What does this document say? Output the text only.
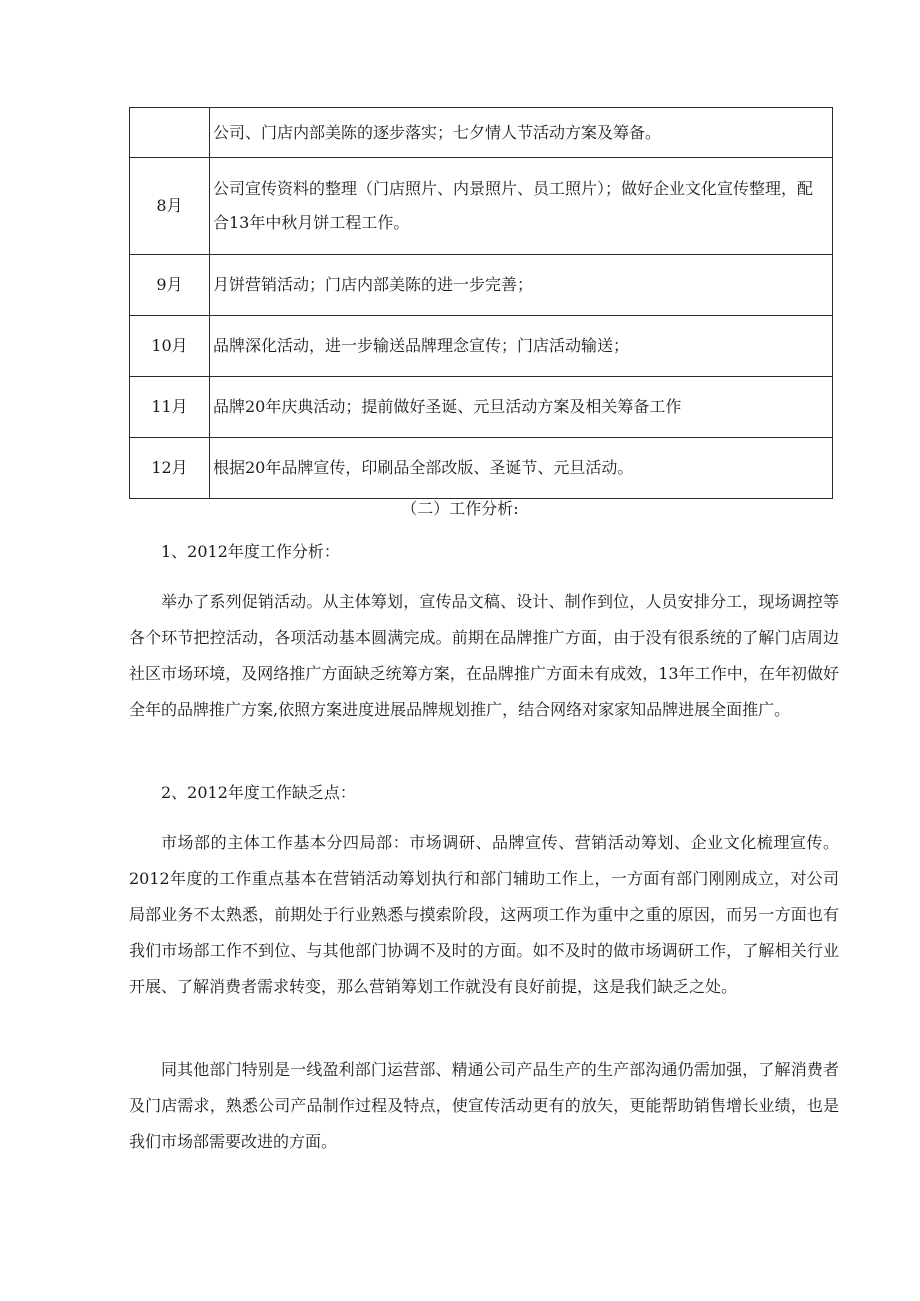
	公司、门店内部美陈的逐步落实；七夕情人节活动方案及筹备。
8月	公司宣传资料的整理（门店照片、内景照片、员工照片）；做好企业文化宣传整理，配合13年中秋月饼工程工作。
9月	月饼营销活动；门店内部美陈的进一步完善；
10月	品牌深化活动，进一步输送品牌理念宣传；门店活动输送；
11月	品牌20年庆典活动；提前做好圣诞、元旦活动方案及相关筹备工作
12月	根据20年品牌宣传，印刷品全部改版、圣诞节、元旦活动。
（二）工作分析:

1、2012年度工作分析：

举办了系列促销活动。从主体筹划，宣传品文稿、设计、制作到位，人员安排分工，现场调控等各个环节把控活动，各项活动基本圆满完成。前期在品牌推广方面，由于没有很系统的了解门店周边社区市场环境，及网络推广方面缺乏统筹方案，在品牌推广方面未有成效，13年工作中，在年初做好全年的品牌推广方案,依照方案进度进展品牌规划推广，结合网络对家家知品牌进展全面推广。

2、2012年度工作缺乏点：

市场部的主体工作基本分四局部：市场调研、品牌宣传、营销活动筹划、企业文化梳理宣传。2012年度的工作重点基本在营销活动筹划执行和部门辅助工作上，一方面有部门刚刚成立，对公司局部业务不太熟悉，前期处于行业熟悉与摸索阶段，这两项工作为重中之重的原因，而另一方面也有我们市场部工作不到位、与其他部门协调不及时的方面。如不及时的做市场调研工作，了解相关行业开展、了解消费者需求转变，那么营销筹划工作就没有良好前提，这是我们缺乏之处。

同其他部门特别是一线盈利部门运营部、精通公司产品生产的生产部沟通仍需加强，了解消费者及门店需求，熟悉公司产品制作过程及特点，使宣传活动更有的放矢，更能帮助销售增长业绩，也是我们市场部需要改进的方面。
